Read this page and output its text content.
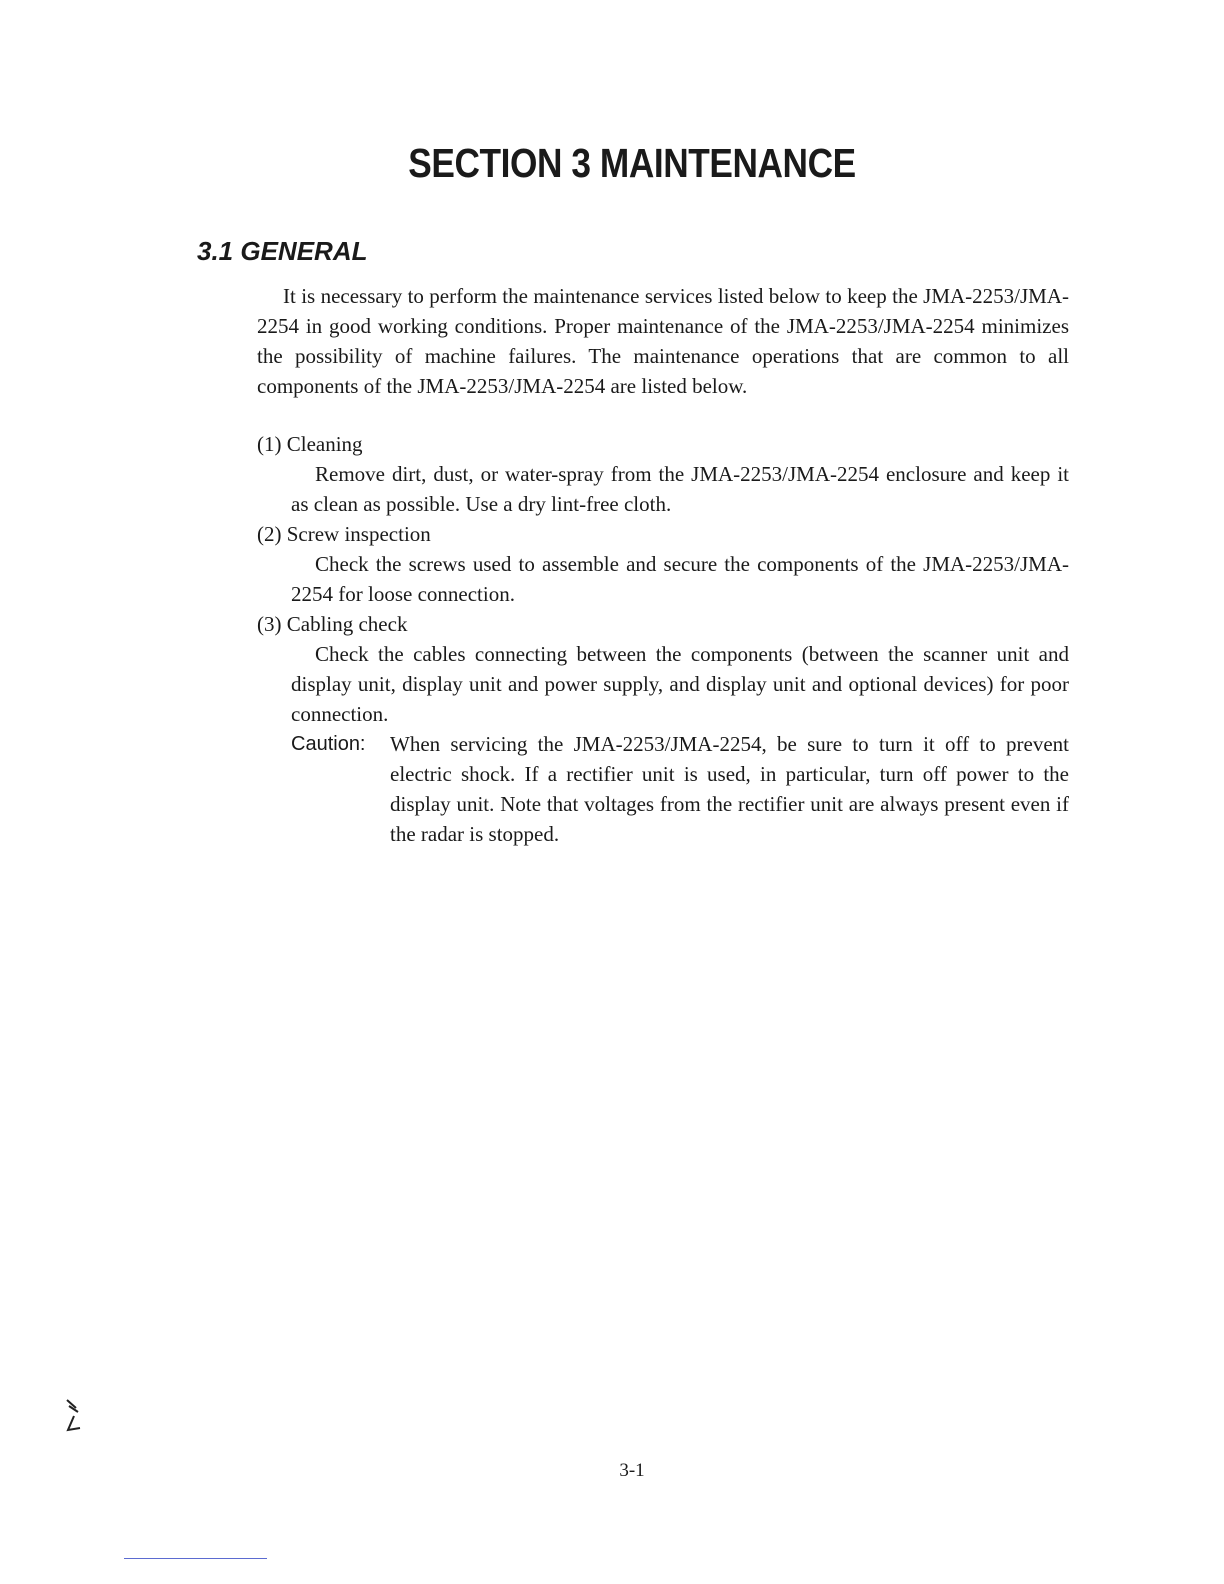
SECTION 3 MAINTENANCE
3.1 GENERAL

It is necessary to perform the maintenance services listed below to keep the JMA-2253/JMA-2254 in good working conditions. Proper maintenance of the JMA-2253/JMA-2254 minimizes the possibility of machine failures. The maintenance operations that are common to all components of the JMA-2253/JMA-2254 are listed below.

(1) Cleaning

Remove dirt, dust, or water-spray from the JMA-2253/JMA-2254 enclosure and keep it as clean as possible. Use a dry lint-free cloth.

(2) Screw inspection

Check the screws used to assemble and secure the components of the JMA-2253/JMA-2254 for loose connection.

(3) Cabling check

Check the cables connecting between the components (between the scanner unit and display unit, display unit and power supply, and display unit and optional devices) for poor connection.

Caution:	When servicing the JMA-2253/JMA-2254, be sure to turn it off to prevent electric shock. If a rectifier unit is used, in particular, turn off power to the display unit. Note that voltages from the rectifier unit are always present even if the radar is stopped.

3-1
